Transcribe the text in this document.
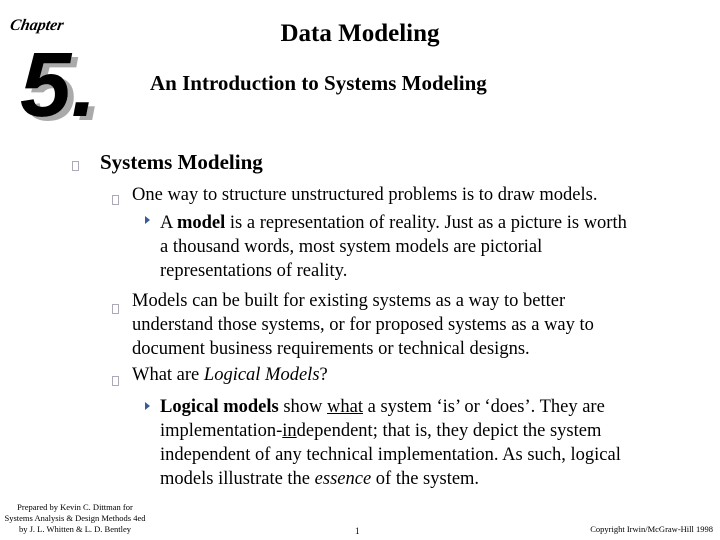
Chapter
5.
Data Modeling
An Introduction to Systems Modeling
Systems Modeling
One way to structure unstructured problems is to draw models.
A model is a representation of reality. Just as a picture is worth
a thousand words, most system models are pictorial
representations of reality.
Models can be built for existing systems as a way to better
understand those systems, or for proposed systems as a way to
document business requirements or technical designs.
What are Logical Models?
Logical models show what a system ‘is’ or ‘does’. They are
implementation-independent; that is, they depict the system
independent of any technical implementation. As such, logical
models illustrate the essence of the system.
Prepared by Kevin C. Dittman for
Systems Analysis & Design Methods 4ed
by J. L. Whitten & L. D. Bentley	1	Copyright Irwin/McGraw-Hill 1998
